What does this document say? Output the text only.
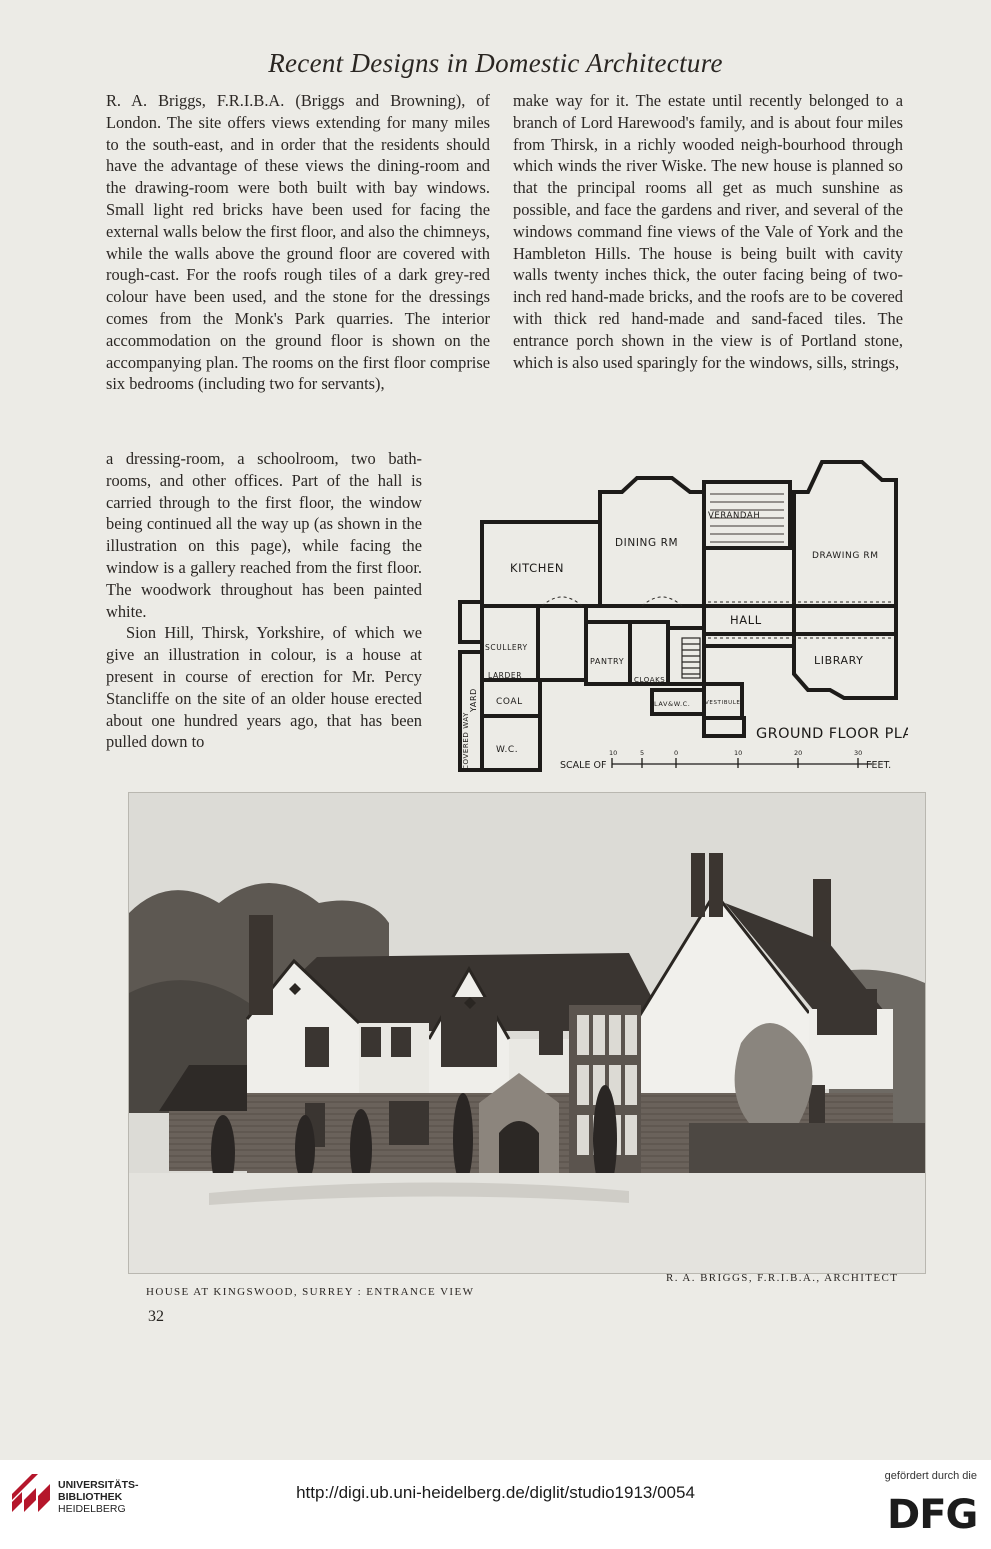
Recent Designs in Domestic Architecture

R. A. Briggs, F.R.I.B.A. (Briggs and Browning), of London. The site offers views extending for many miles to the south-east, and in order that the residents should have the advantage of these views the dining-room and the drawing-room were both built with bay windows. Small light red bricks have been used for facing the external walls below the first floor, and also the chimneys, while the walls above the ground floor are covered with rough-cast. For the roofs rough tiles of a dark grey-red colour have been used, and the stone for the dressings comes from the Monk's Park quarries. The interior accommodation on the ground floor is shown on the accompanying plan. The rooms on the first floor comprise six bedrooms (including two for servants),

a dressing-room, a schoolroom, two bath-rooms, and other offices. Part of the hall is carried through to the first floor, the window being continued all the way up (as shown in the illustration on this page), while facing the window is a gallery reached from the first floor. The woodwork throughout has been painted white.

Sion Hill, Thirsk, Yorkshire, of which we give an illustration in colour, is a house at present in course of erection for Mr. Percy Stancliffe on the site of an older house erected about one hundred years ago, that has been pulled down to

make way for it. The estate until recently belonged to a branch of Lord Harewood's family, and is about four miles from Thirsk, in a richly wooded neigh-bourhood through which winds the river Wiske. The new house is planned so that the principal rooms all get as much sunshine as possible, and face the gardens and river, and several of the windows command fine views of the Vale of York and the Hambleton Hills. The house is being built with cavity walls twenty inches thick, the outer facing being of two-inch red hand-made bricks, and the roofs are to be covered with thick red hand-made and sand-faced tiles. The entrance porch shown in the view is of Portland stone, which is also used sparingly for the windows, sills, strings,

DINING RM
VERANDAH
DRAWING RM
KITCHEN
HALL
SCULLERY
PANTRY
CLOAKS
LIBRARY
LARDER
LAV&W.C.	VESTIBULE
COAL
W.C.
YARD
COVERED WAY	GROUND FLOOR PLAN
10	5	0	10	20	30
SCALE OF	FEET.
HOUSE AT KINGSWOOD, SURREY : ENTRANCE VIEW
R. A. BRIGGS, F.R.I.B.A., ARCHITECT
32
UNIVERSITÄTS-
BIBLIOTHEK
HEIDELBERG
http://digi.ub.uni-heidelberg.de/diglit/studio1913/0054
gefördert durch die
DFG
